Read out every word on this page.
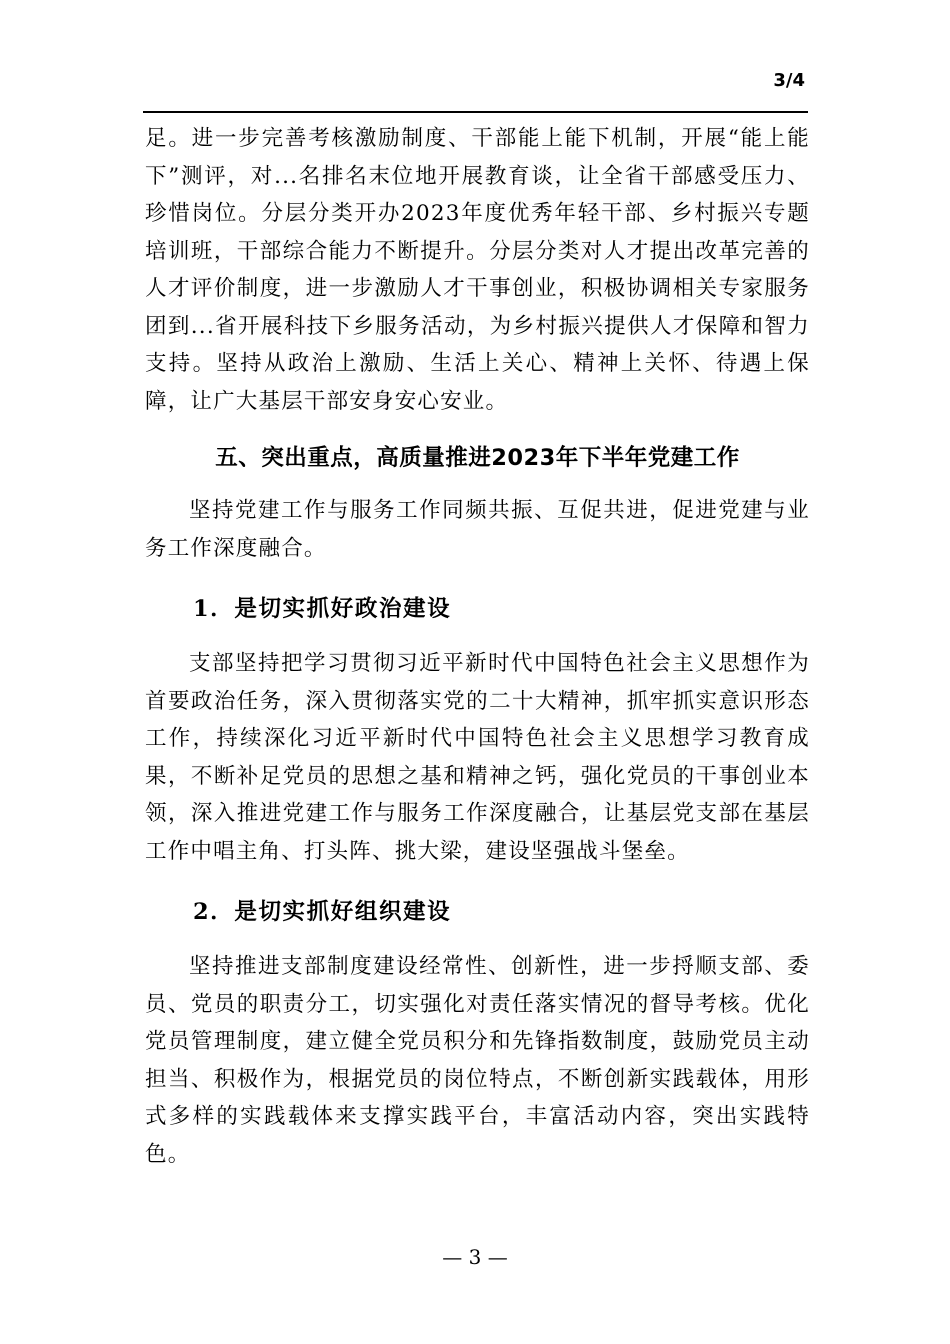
3/4

足。进一步完善考核激励制度、干部能上能下机制，开展“能上能下”测评，对...名排名末位地开展教育谈，让全省干部感受压力、珍惜岗位。分层分类开办2023年度优秀年轻干部、乡村振兴专题培训班，干部综合能力不断提升。分层分类对人才提出改革完善的人才评价制度，进一步激励人才干事创业，积极协调相关专家服务团到...省开展科技下乡服务活动，为乡村振兴提供人才保障和智力支持。坚持从政治上激励、生活上关心、精神上关怀、待遇上保障，让广大基层干部安身安心安业。

五、突出重点，高质量推进2023年下半年党建工作

坚持党建工作与服务工作同频共振、互促共进，促进党建与业务工作深度融合。

1．是切实抓好政治建设

支部坚持把学习贯彻习近平新时代中国特色社会主义思想作为首要政治任务，深入贯彻落实党的二十大精神，抓牢抓实意识形态工作，持续深化习近平新时代中国特色社会主义思想学习教育成果，不断补足党员的思想之基和精神之钙，强化党员的干事创业本领，深入推进党建工作与服务工作深度融合，让基层党支部在基层工作中唱主角、打头阵、挑大梁，建设坚强战斗堡垒。

2．是切实抓好组织建设

坚持推进支部制度建设经常性、创新性，进一步捋顺支部、委员、党员的职责分工，切实强化对责任落实情况的督导考核。优化党员管理制度，建立健全党员积分和先锋指数制度，鼓励党员主动担当、积极作为，根据党员的岗位特点，不断创新实践载体，用形式多样的实践载体来支撑实践平台，丰富活动内容，突出实践特色。

— 3 —
